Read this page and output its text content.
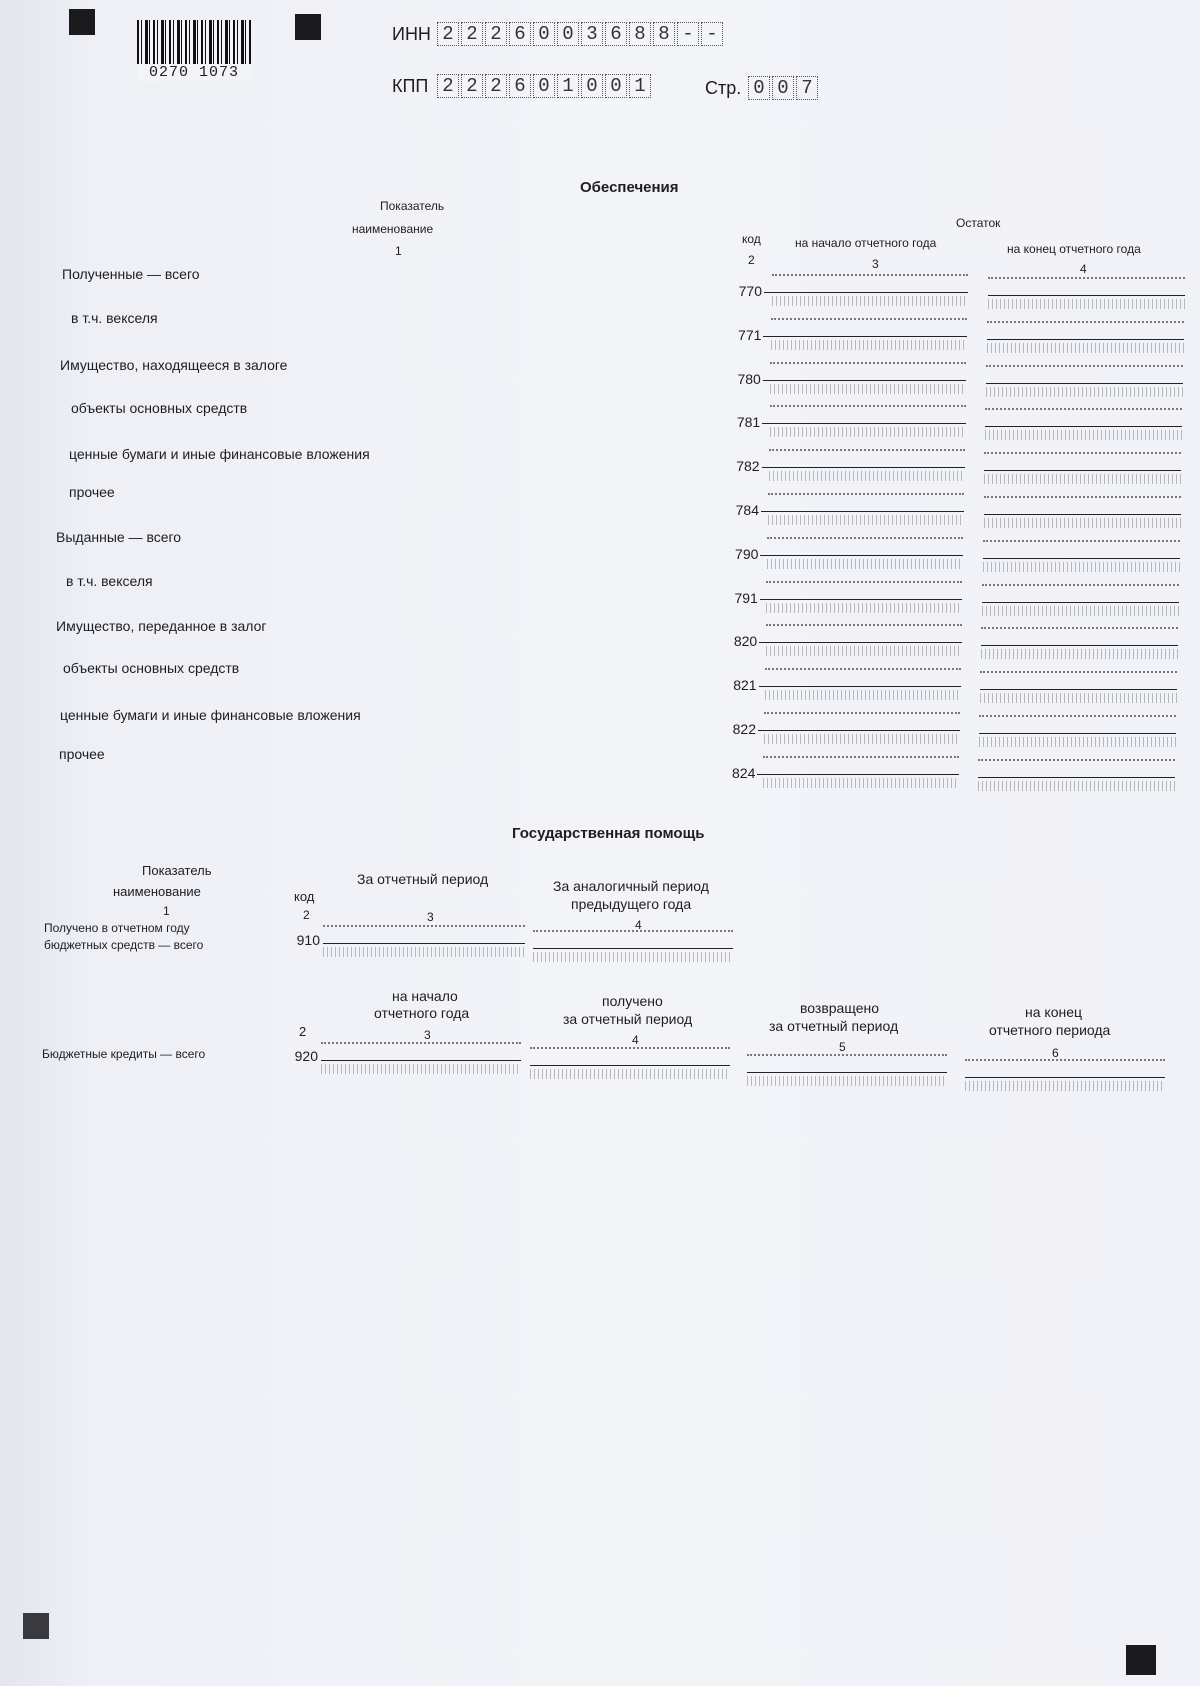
0270 1073
ИНН 2 2 2 6 0 0 3 6 8 8 - -
КПП 2 2 2 6 0 1 0 0 1	Стр. 0 0 7
Обеспечения
Показатель
наименование
1
код
2
Остаток
на начало отчетного года
3
на конец отчетного года
4
Полученные — всего
770
в т.ч. векселя
771
Имущество, находящееся в залоге
780
объекты основных средств
781
ценные бумаги и иные финансовые вложения
782
прочее
784
Выданные — всего
790
в т.ч. векселя
791
Имущество, переданное в залог
820
объекты основных средств
821
ценные бумаги и иные финансовые вложения
822
прочее
824
Государственная помощь
Показатель
наименование
1
код
2
За отчетный период
3
За аналогичный период
предыдущего года
4
Получено в отчетном году
бюджетных средств — всего	910
2
на начало
отчетного года
3
получено
за отчетный период
4
возвращено
за отчетный период
5
на конец
отчетного периода
6
Бюджетные кредиты — всего	920
